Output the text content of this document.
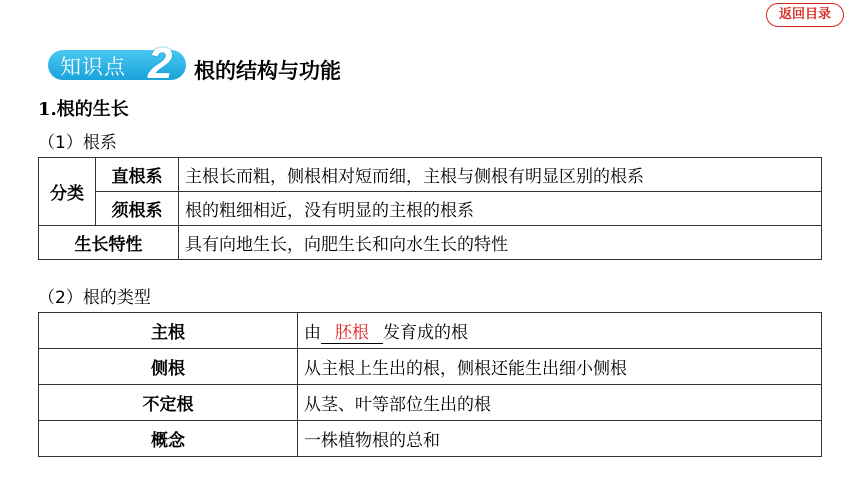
返回目录
知识点 2 根的结构与功能
1.根的生长
（1）根系
分类	直根系	主根长而粗，侧根相对短而细，主根与侧根有明显区别的根系
	须根系	根的粗细相近，没有明显的主根的根系
生长特性		具有向地生长，向肥生长和向水生长的特性
（2）根的类型
主根	由 胚根 发育成的根
侧根	从主根上生出的根，侧根还能生出细小侧根
不定根	从茎、叶等部位生出的根
概念	一株植物根的总和
